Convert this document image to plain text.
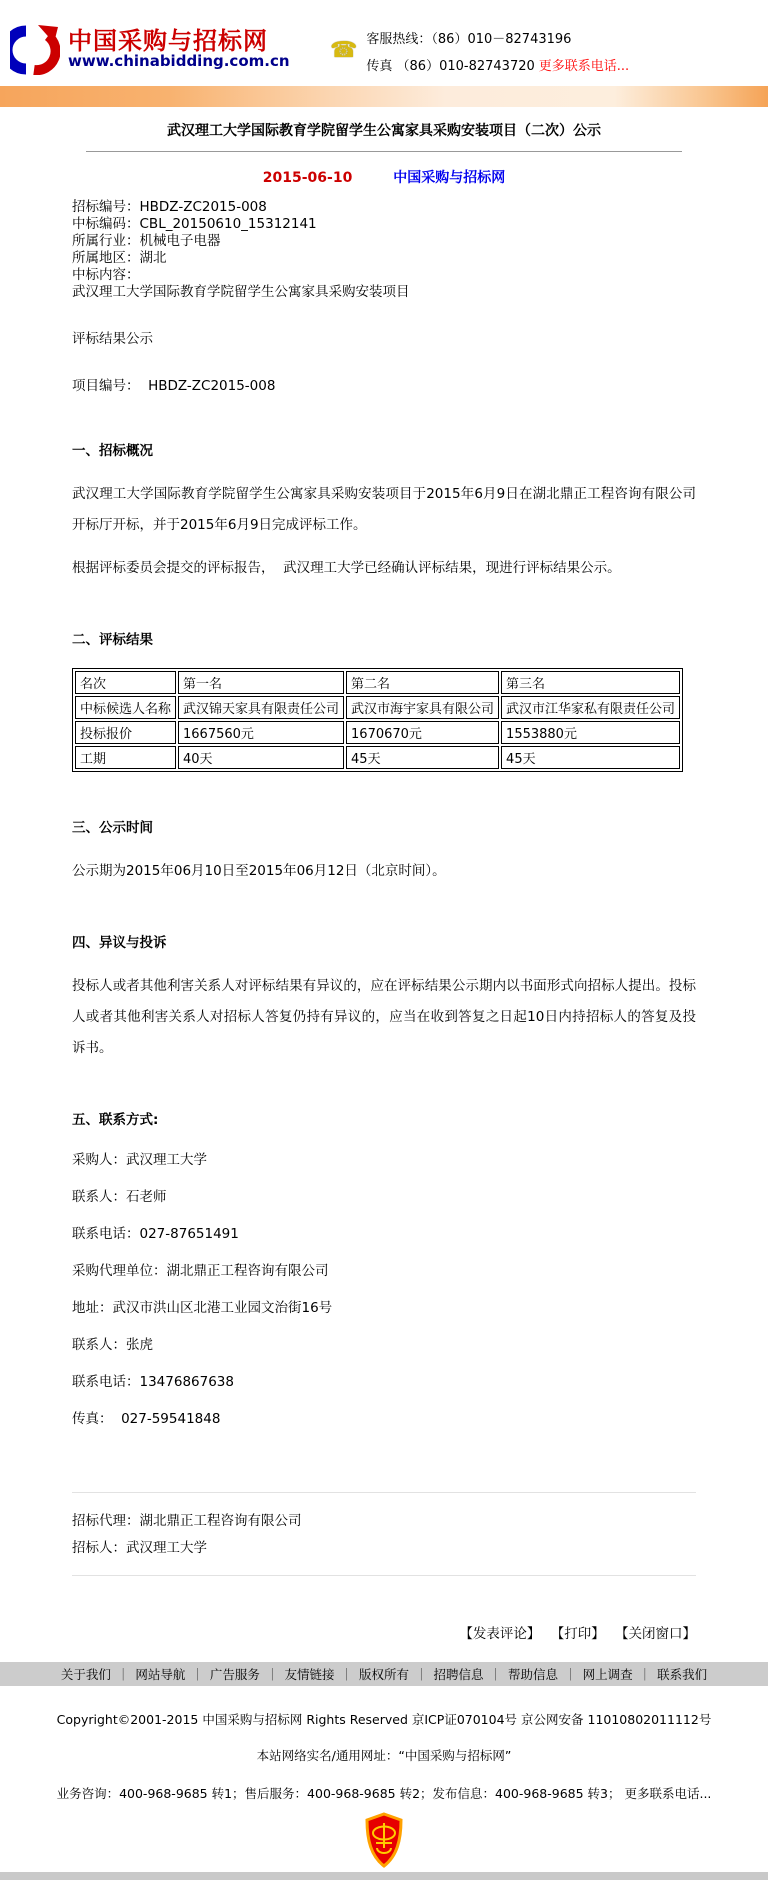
中国采购与招标网
www.chinabidding.com.cn ☎ 客服热线：（86）010－82743196
传真 （86）010-82743720 更多联系电话...
武汉理工大学国际教育学院留学生公寓家具采购安装项目（二次）公示
2015-06-10	中国采购与招标网

招标编号：HBDZ-ZC2015-008

中标编码：CBL_20150610_15312141

所属行业：机械电子电器

所属地区：湖北

中标内容：

武汉理工大学国际教育学院留学生公寓家具采购安装项目

评标结果公示

项目编号：  HBDZ-ZC2015-008

一、招标概况

武汉理工大学国际教育学院留学生公寓家具采购安装项目于2015年6月9日在湖北鼎正工程咨询有限公司开标厅开标，并于2015年6月9日完成评标工作。

根据评标委员会提交的评标报告，  武汉理工大学已经确认评标结果，现进行评标结果公示。

二、评标结果
名次	第一名	第二名	第三名
中标候选人名称	武汉锦天家具有限责任公司	武汉市海宇家具有限公司	武汉市江华家私有限责任公司
投标报价	1667560元	1670670元	1553880元
工期	40天	45天	45天
三、公示时间

公示期为2015年06月10日至2015年06月12日（北京时间）。

四、异议与投诉

投标人或者其他利害关系人对评标结果有异议的，应在评标结果公示期内以书面形式向招标人提出。投标人或者其他利害关系人对招标人答复仍持有异议的，应当在收到答复之日起10日内持招标人的答复及投诉书。

五、联系方式:

采购人：武汉理工大学

联系人：石老师

联系电话：027-87651491

采购代理单位：湖北鼎正工程咨询有限公司

地址：武汉市洪山区北港工业园文治街16号

联系人：张虎

联系电话：13476867638

传真：  027-59541848

招标代理：湖北鼎正工程咨询有限公司

招标人：武汉理工大学

【发表评论】 【打印】 【关闭窗口】
关于我们 ｜ 网站导航 ｜ 广告服务 ｜ 友情链接 ｜ 版权所有 ｜ 招聘信息 ｜ 帮助信息 ｜ 网上调查 ｜ 联系我们
Copyright©2001-2015 中国采购与招标网 Rights Reserved 京ICP证070104号 京公网安备 11010802011112号
本站网络实名/通用网址：“中国采购与招标网”
业务咨询：400-968-9685 转1；售后服务：400-968-9685 转2；发布信息：400-968-9685 转3； 更多联系电话...
